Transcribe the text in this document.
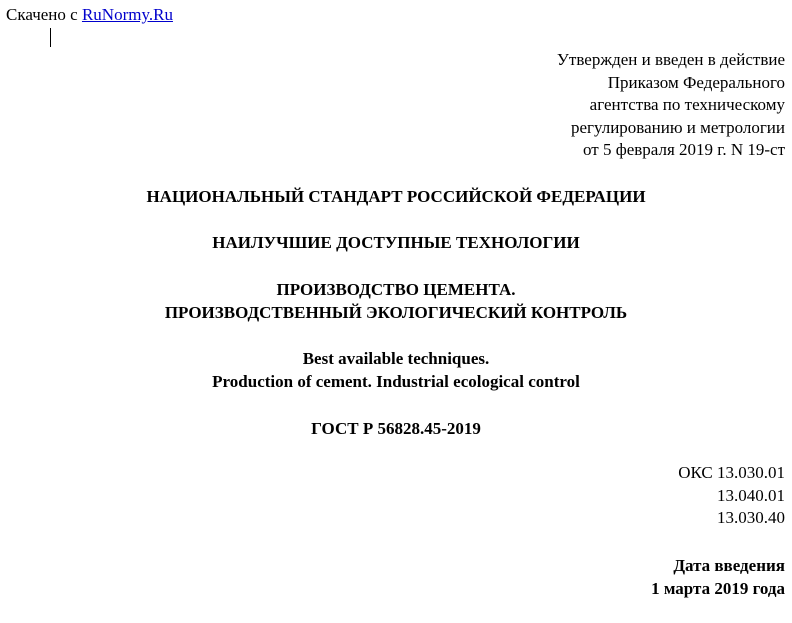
Скачено с RuNormy.Ru
Утвержден и введен в действие
Приказом Федерального
агентства по техническому
регулированию и метрологии
от 5 февраля 2019 г. N 19-ст
НАЦИОНАЛЬНЫЙ СТАНДАРТ РОССИЙСКОЙ ФЕДЕРАЦИИ
НАИЛУЧШИЕ ДОСТУПНЫЕ ТЕХНОЛОГИИ
ПРОИЗВОДСТВО ЦЕМЕНТА.
ПРОИЗВОДСТВЕННЫЙ ЭКОЛОГИЧЕСКИЙ КОНТРОЛЬ
Best available techniques.
Production of cement. Industrial ecological control
ГОСТ Р 56828.45-2019
ОКС 13.030.01
13.040.01
13.030.40
Дата введения
1 марта 2019 года
